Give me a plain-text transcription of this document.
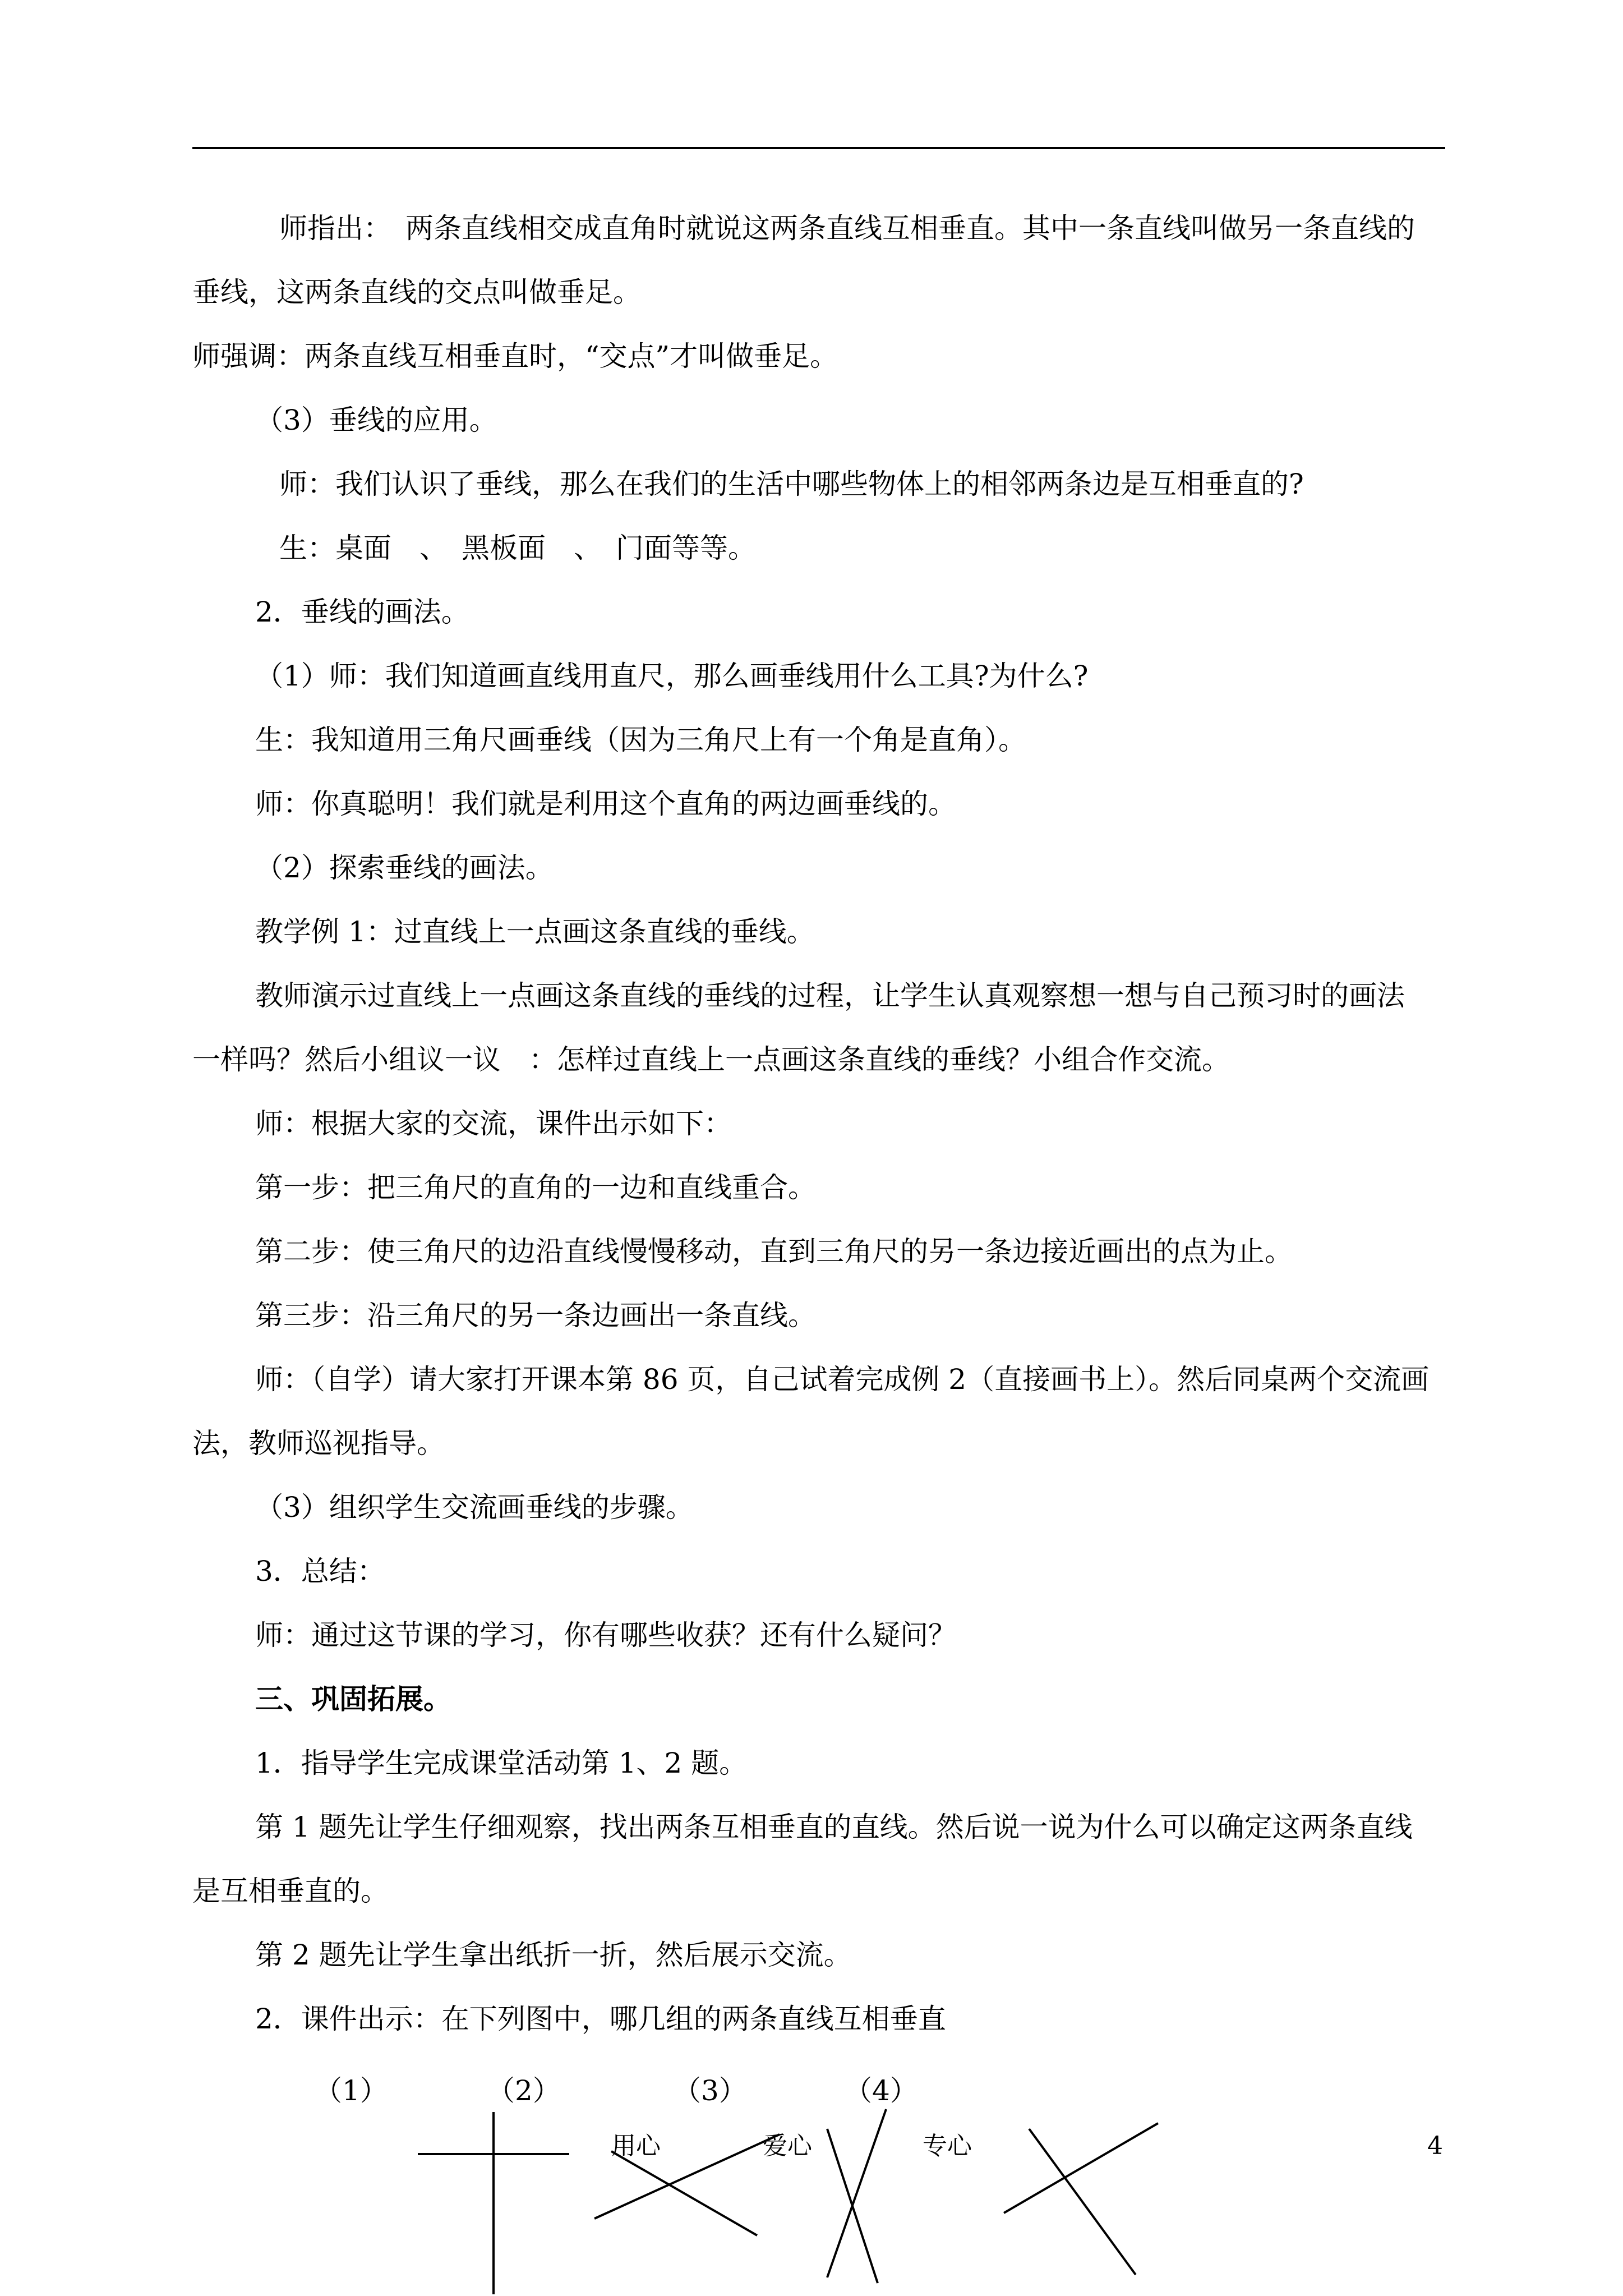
师指出：　两条直线相交成直角时就说这两条直线互相垂直。其中一条直线叫做另一条直线的
垂线，这两条直线的交点叫做垂足。
师强调：两条直线互相垂直时，“交点”才叫做垂足。
（3）垂线的应用。
师：我们认识了垂线，那么在我们的生活中哪些物体上的相邻两条边是互相垂直的?
生：桌面　、　黑板面　、　门面等等。
2．垂线的画法。
（1）师：我们知道画直线用直尺，那么画垂线用什么工具?为什么?
生：我知道用三角尺画垂线（因为三角尺上有一个角是直角）。
师：你真聪明！我们就是利用这个直角的两边画垂线的。
（2）探索垂线的画法。
教学例 1：过直线上一点画这条直线的垂线。
教师演示过直线上一点画这条直线的垂线的过程，让学生认真观察想一想与自己预习时的画法
一样吗？然后小组议一议　：怎样过直线上一点画这条直线的垂线？小组合作交流。
师：根据大家的交流，课件出示如下：
第一步：把三角尺的直角的一边和直线重合。
第二步：使三角尺的边沿直线慢慢移动，直到三角尺的另一条边接近画出的点为止。
第三步：沿三角尺的另一条边画出一条直线。
师：（自学）请大家打开课本第 86 页，自己试着完成例 2（直接画书上）。然后同桌两个交流画
法，教师巡视指导。
（3）组织学生交流画垂线的步骤。
3．总结：
师：通过这节课的学习，你有哪些收获？还有什么疑问？
三、巩固拓展。
1．指导学生完成课堂活动第 1、2 题。
第 1 题先让学生仔细观察，找出两条互相垂直的直线。然后说一说为什么可以确定这两条直线
是互相垂直的。
第 2 题先让学生拿出纸折一折，然后展示交流。
2．课件出示：在下列图中，哪几组的两条直线互相垂直
（1）	（2）	（3）	（4）
用心	爱心	专心	4
